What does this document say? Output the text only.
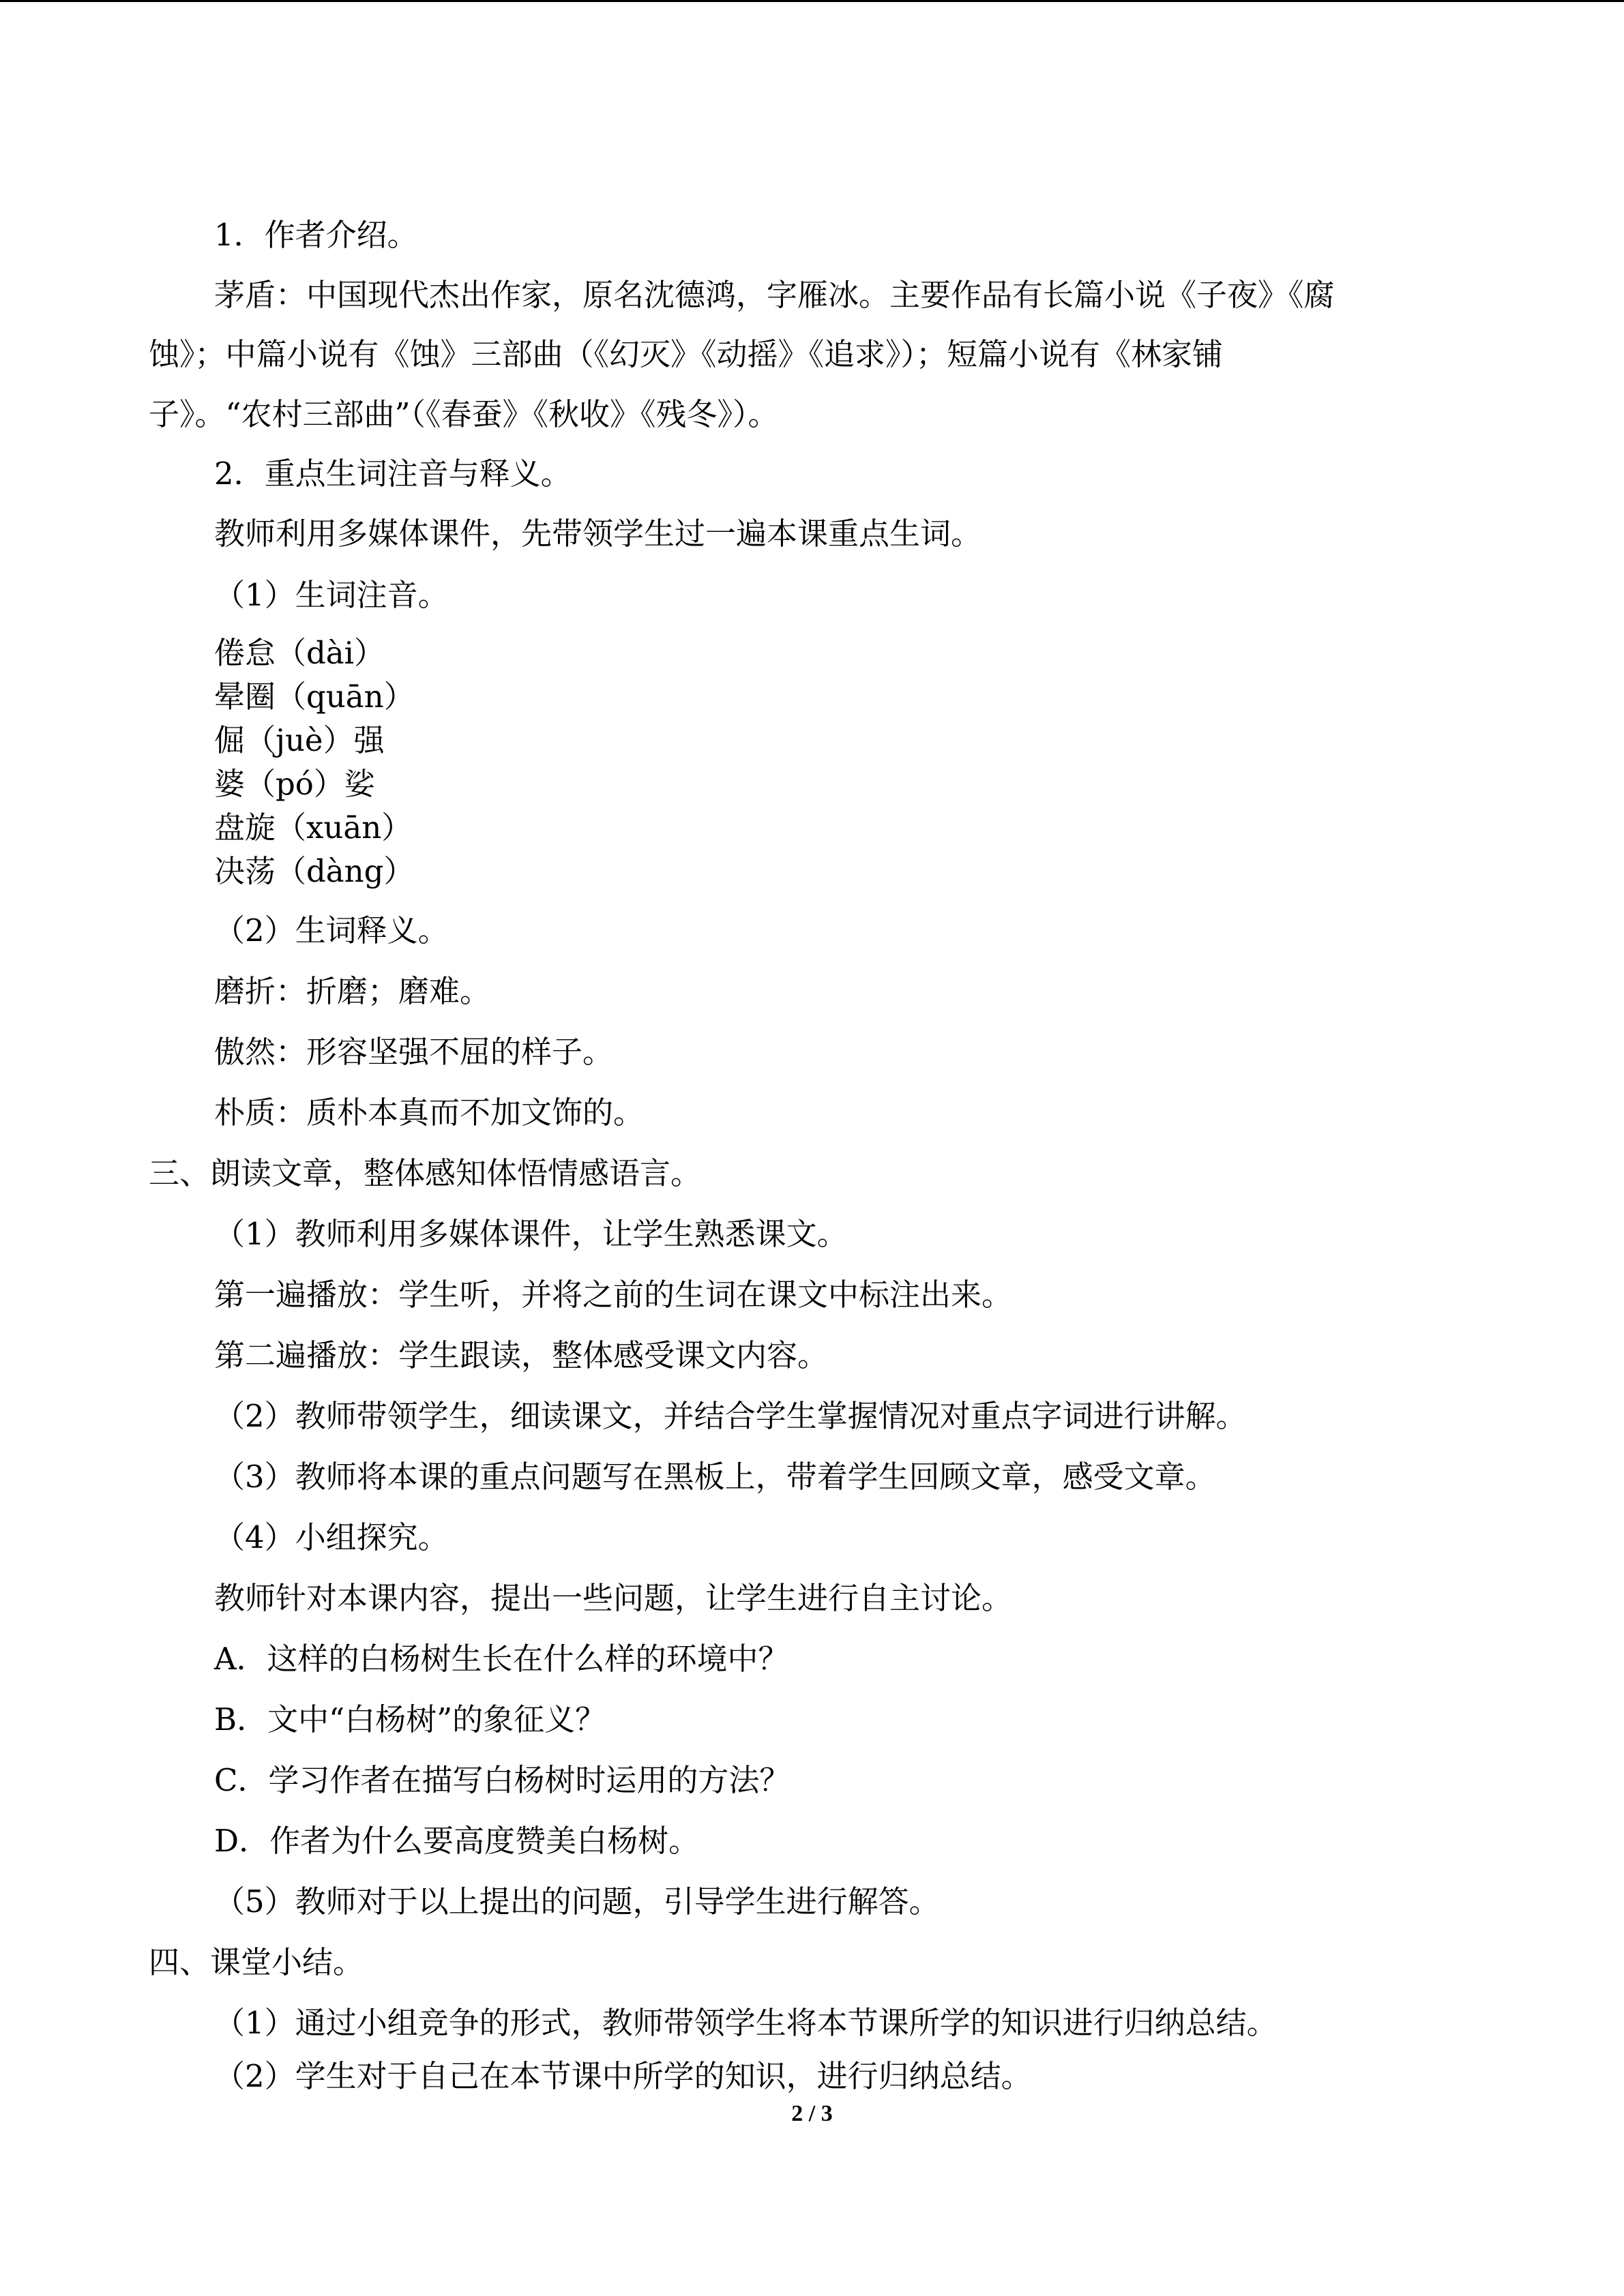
1．作者介绍。
茅盾：中国现代杰出作家，原名沈德鸿，字雁冰。主要作品有长篇小说《子夜》《腐
蚀》；中篇小说有《蚀》三部曲（《幻灭》《动摇》《追求》）；短篇小说有《林家铺
子》。“农村三部曲”（《春蚕》《秋收》《残冬》）。
2．重点生词注音与释义。
教师利用多媒体课件，先带领学生过一遍本课重点生词。
（1）生词注音。
倦怠（dài）
晕圈（quān）
倔（juè）强
婆（pó）娑
盘旋（xuān）
决荡（dàng）
（2）生词释义。
磨折：折磨；磨难。
傲然：形容坚强不屈的样子。
朴质：质朴本真而不加文饰的。
三、朗读文章，整体感知体悟情感语言。
（1）教师利用多媒体课件，让学生熟悉课文。
第一遍播放：学生听，并将之前的生词在课文中标注出来。
第二遍播放：学生跟读，整体感受课文内容。
（2）教师带领学生，细读课文，并结合学生掌握情况对重点字词进行讲解。
（3）教师将本课的重点问题写在黑板上，带着学生回顾文章，感受文章。
（4）小组探究。
教师针对本课内容，提出一些问题，让学生进行自主讨论。
A．这样的白杨树生长在什么样的环境中？
B．文中“白杨树”的象征义？
C．学习作者在描写白杨树时运用的方法？
D．作者为什么要高度赞美白杨树。
（5）教师对于以上提出的问题，引导学生进行解答。
四、课堂小结。
（1）通过小组竞争的形式，教师带领学生将本节课所学的知识进行归纳总结。
（2）学生对于自己在本节课中所学的知识，进行归纳总结。
2 / 3
